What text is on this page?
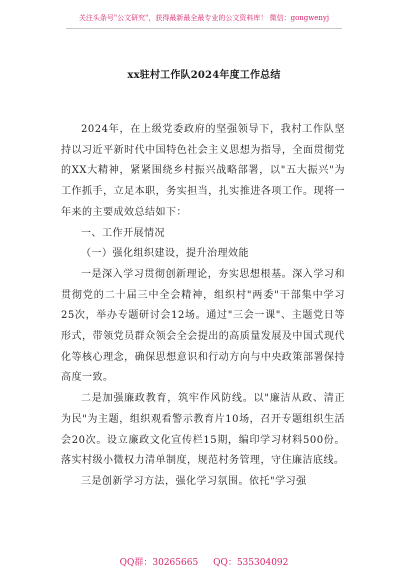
关注头条号"公文研究"，获得最新最全最专业的公文资料库！ 微信：gongwenyj
xx驻村工作队2024年度工作总结

2024年，在上级党委政府的坚强领导下，我村工作队坚持以习近平新时代中国特色社会主义思想为指导，全面贯彻党的XX大精神，紧紧围绕乡村振兴战略部署，以"五大振兴"为工作抓手，立足本职，务实担当，扎实推进各项工作。现将一年来的主要成效总结如下：

一、工作开展情况

（一）强化组织建设，提升治理效能

一是深入学习贯彻创新理论，夯实思想根基。深入学习和贯彻党的二十届三中全会精神，组织村"两委"干部集中学习25次，举办专题研讨会12场。通过"三会一课"、主题党日等形式，带领党员群众领会全会提出的高质量发展及中国式现代化等核心理念，确保思想意识和行动方向与中央政策部署保持高度一致。

二是加强廉政教育，筑牢作风防线。以"廉洁从政、清正为民"为主题，组织观看警示教育片10场，召开专题组织生活会20次。设立廉政文化宣传栏15期，编印学习材料500份。落实村级小微权力清单制度，规范村务管理，守住廉洁底线。

三是创新学习方法，强化学习氛围。依托"学习强

QQ群：30265665 QQ：535304092
